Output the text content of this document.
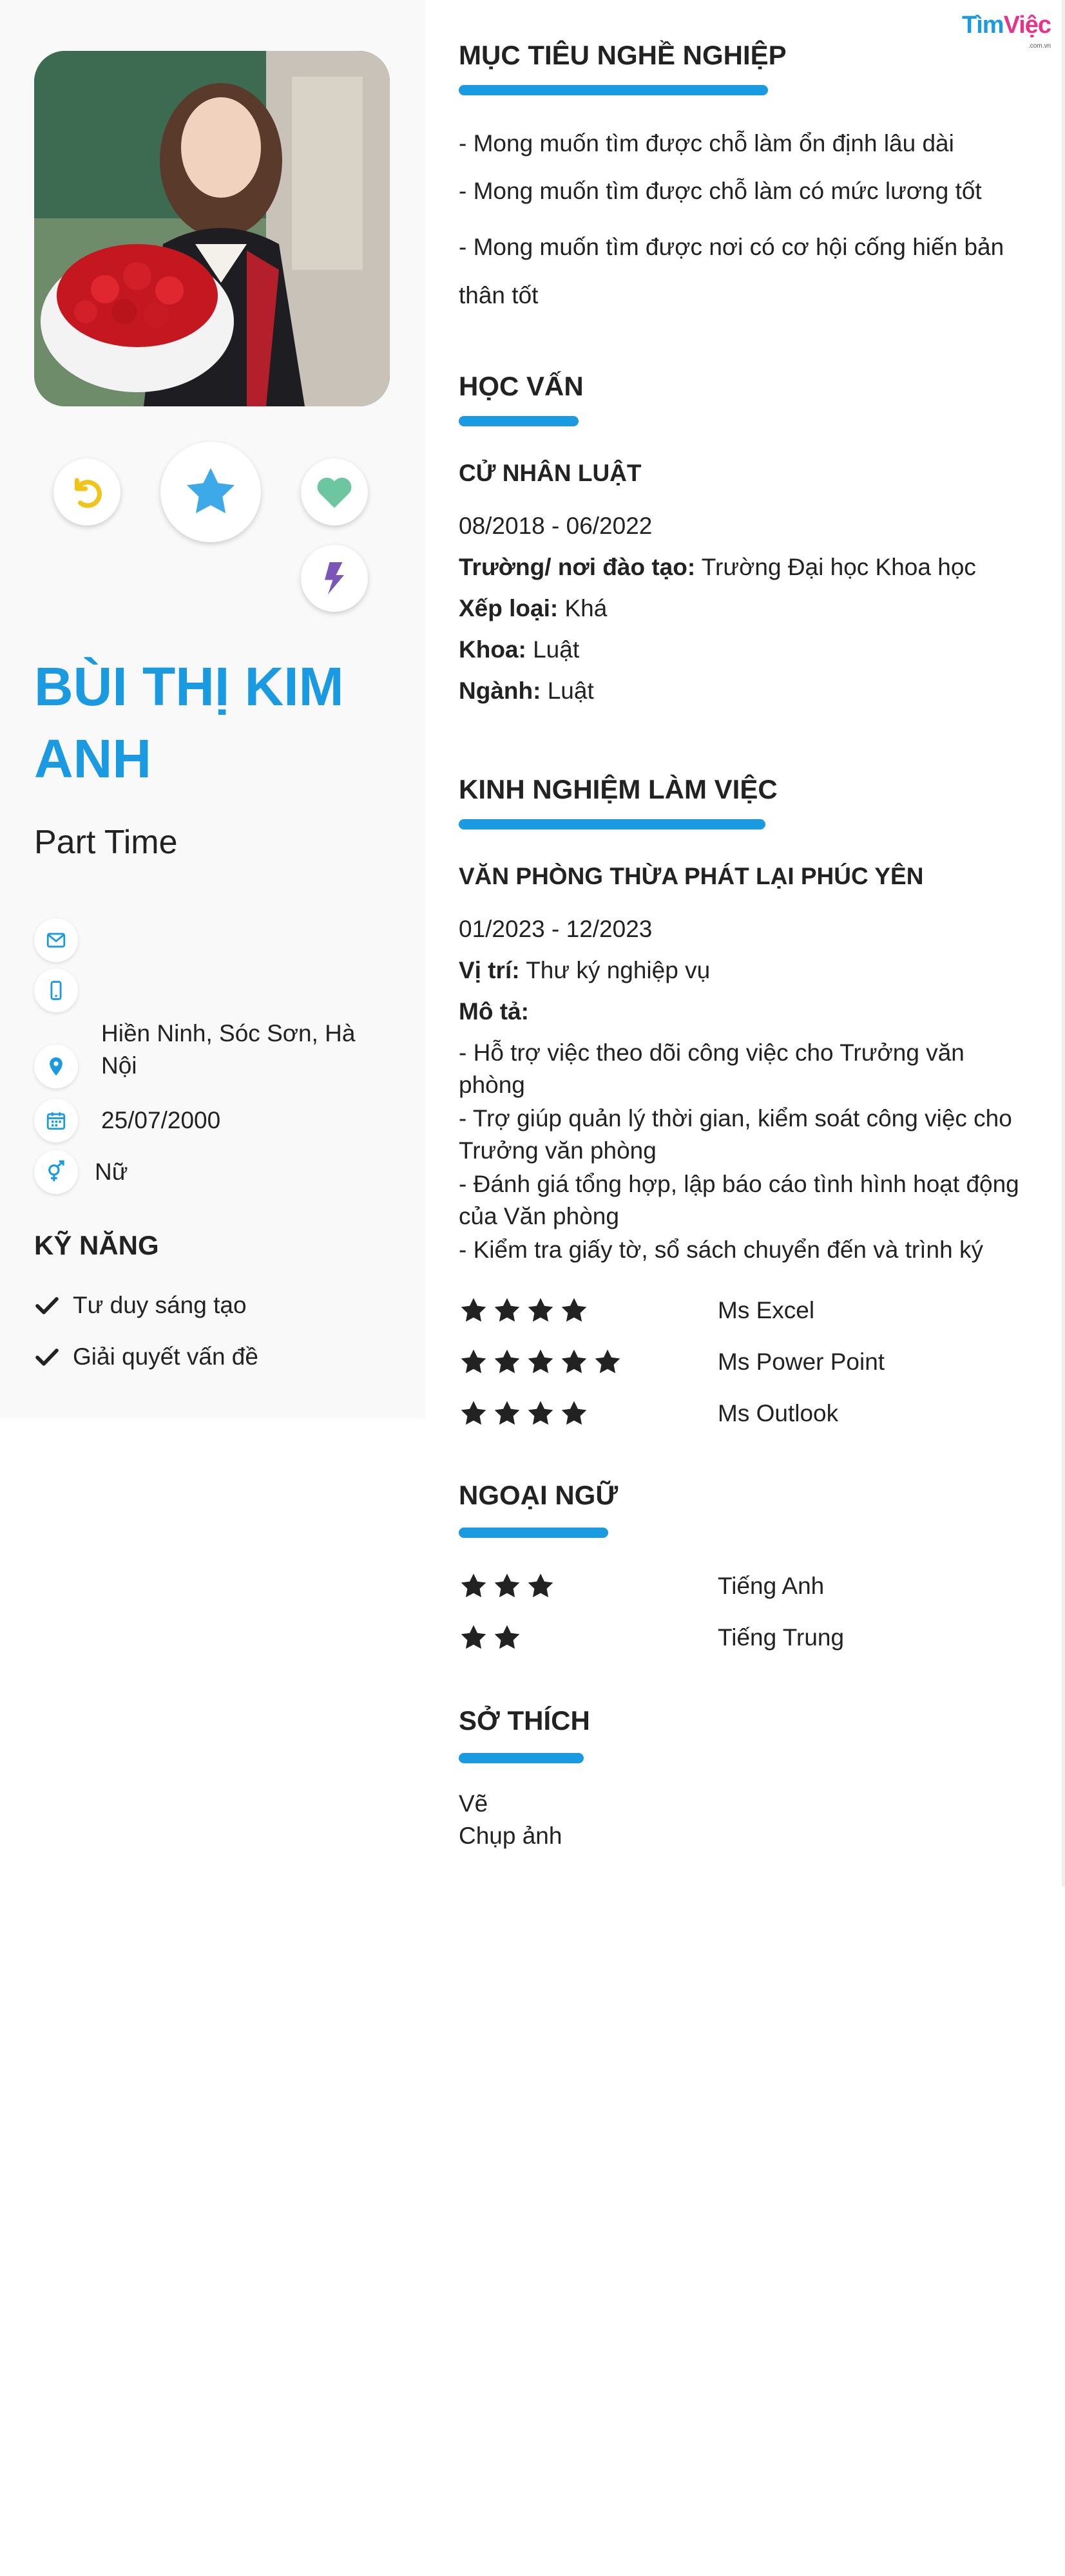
BÙI THỊ KIM ANH
Part Time
Hiền Ninh, Sóc Sơn, Hà Nội
25/07/2000
Nữ
KỸ NĂNG
Tư duy sáng tạo
Giải quyết vấn đề
TìmViệc
.com.vn
MỤC TIÊU NGHỀ NGHIỆP
- Mong muốn tìm được chỗ làm ổn định lâu dài
- Mong muốn tìm được chỗ làm có mức lương tốt
- Mong muốn tìm được nơi có cơ hội cống hiến bản thân tốt
HỌC VẤN
CỬ NHÂN LUẬT
08/2018 - 06/2022
Trường/ nơi đào tạo: Trường Đại học Khoa học
Xếp loại: Khá
Khoa: Luật
Ngành: Luật
KINH NGHIỆM LÀM VIỆC
VĂN PHÒNG THỪA PHÁT LẠI PHÚC YÊN
01/2023 - 12/2023
Vị trí: Thư ký nghiệp vụ
Mô tả:
- Hỗ trợ việc theo dõi công việc cho Trưởng văn phòng
- Trợ giúp quản lý thời gian, kiểm soát công việc cho Trưởng văn phòng
- Đánh giá tổng hợp, lập báo cáo tình hình hoạt động của Văn phòng
- Kiểm tra giấy tờ, sổ sách chuyển đến và trình ký
Ms Excel
Ms Power Point
Ms Outlook
NGOẠI NGỮ
Tiếng Anh
Tiếng Trung
SỞ THÍCH
Vẽ
Chụp ảnh
